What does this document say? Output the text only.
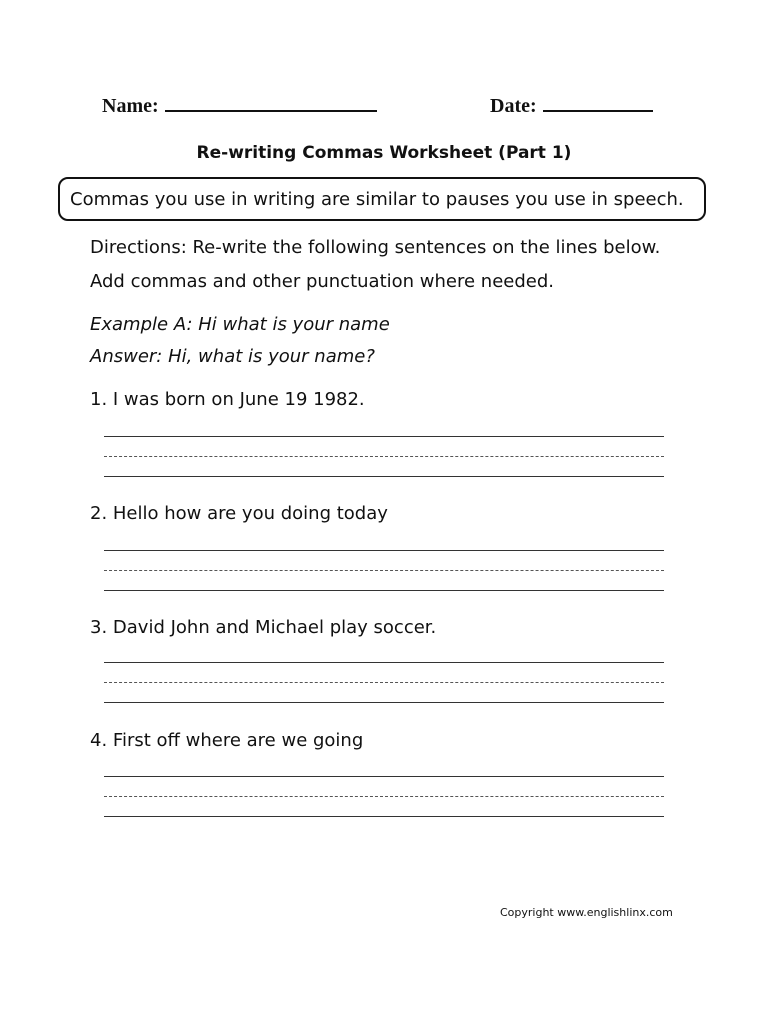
Name:	Date:
Re-writing Commas Worksheet (Part 1)
Commas you use in writing are similar to pauses you use in speech.
Directions: Re-write the following sentences on the lines below.
Add commas and other punctuation where needed.
Example A: Hi what is your name
Answer: Hi, what is your name?
1. I was born on June 19 1982.
2. Hello how are you doing today
3. David John and Michael play soccer.
4. First off where are we going
Copyright www.englishlinx.com
